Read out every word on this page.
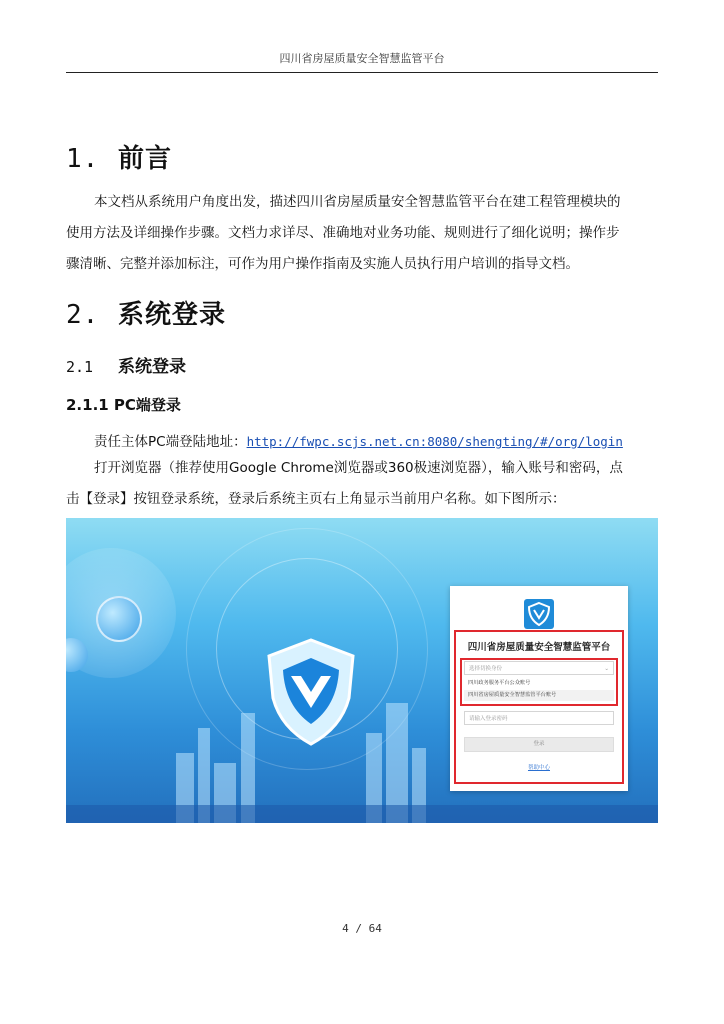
四川省房屋质量安全智慧监管平台
1. 前言
本文档从系统用户角度出发，描述四川省房屋质量安全智慧监管平台在建工程管理模块的
使用方法及详细操作步骤。文档力求详尽、准确地对业务功能、规则进行了细化说明；操作步
骤清晰、完整并添加标注，可作为用户操作指南及实施人员执行用户培训的指导文档。
2. 系统登录
2.1 系统登录
2.1.1 PC端登录
责任主体PC端登陆地址：http://fwpc.scjs.net.cn:8080/shengting/#/org/login
打开浏览器（推荐使用Google Chrome浏览器或360极速浏览器），输入账号和密码，点
击【登录】按钮登录系统，登录后系统主页右上角显示当前用户名称。如下图所示：
四川省房屋质量安全智慧监管平台
选择切换身份	⌄
四川政务服务平台公众账号
四川省房屋质量安全智慧监管平台账号
请输入登录密码
登录
帮助中心
4 / 64
